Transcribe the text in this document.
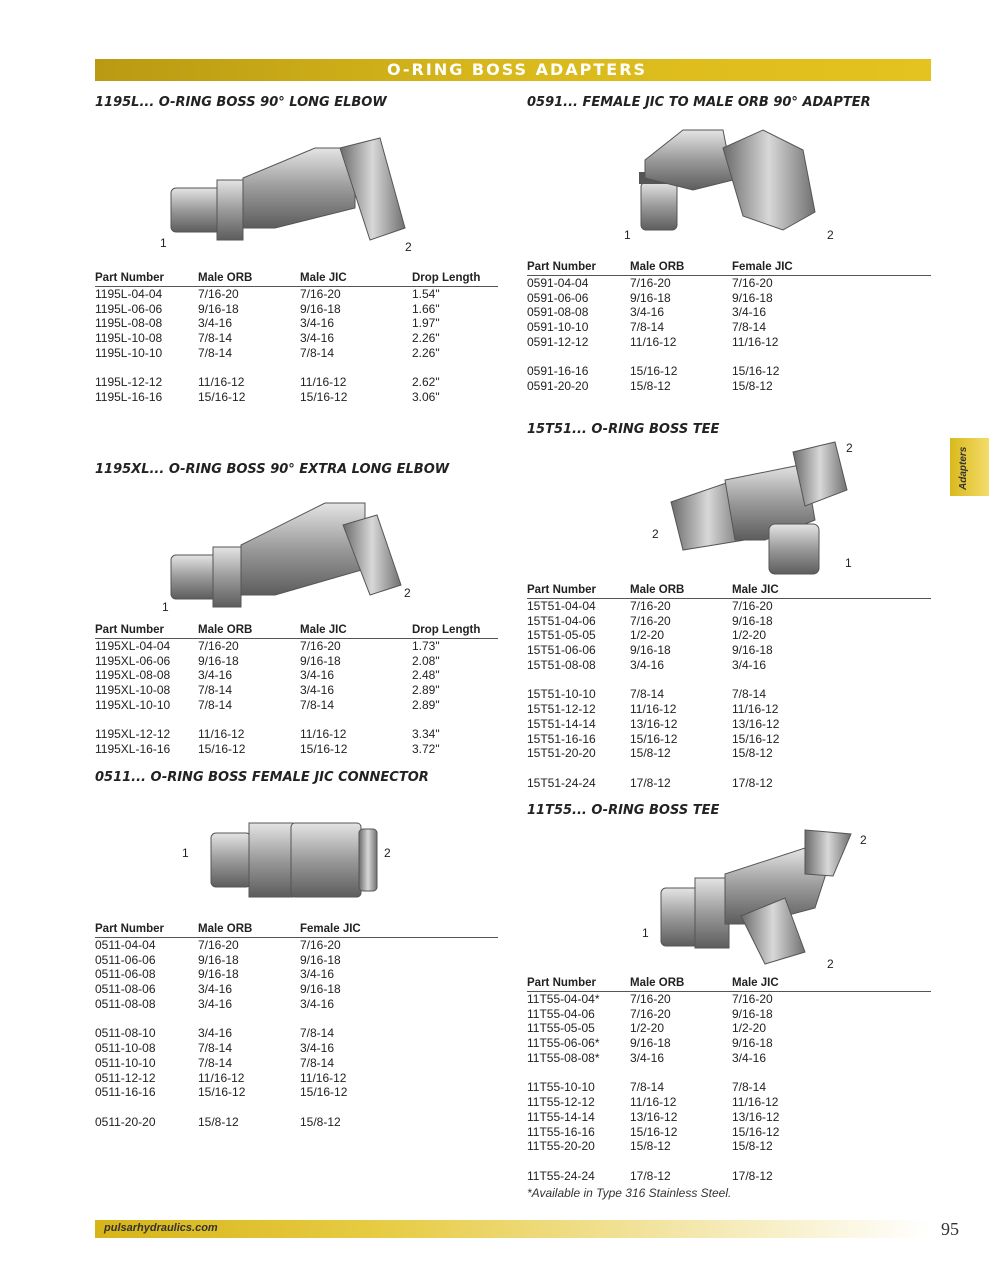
O-RING BOSS ADAPTERS
Adapters
1195L... O-RING BOSS 90° LONG ELBOW
1195XL... O-RING BOSS 90° EXTRA LONG ELBOW
0511... O-RING BOSS FEMALE JIC CONNECTOR
0591... FEMALE JIC TO MALE ORB 90° ADAPTER
15T51... O-RING BOSS TEE
11T55... O-RING BOSS TEE
1	2
1
2
1	2
1	2
2
2
1
2
1
2
Part Number	Male ORB	Male JIC	Drop Length
1195L-04-04	7/16-20	7/16-20	1.54"
1195L-06-06	9/16-18	9/16-18	1.66"
1195L-08-08	3/4-16	3/4-16	1.97"
1195L-10-08	7/8-14	3/4-16	2.26"
1195L-10-10	7/8-14	7/8-14	2.26"
1195L-12-12	11/16-12	11/16-12	2.62"
1195L-16-16	15/16-12	15/16-12	3.06"
Part Number	Male ORB	Male JIC	Drop Length
1195XL-04-04 7/16-20	7/16-20	1.73"
1195XL-06-06 9/16-18	9/16-18	2.08"
1195XL-08-08 3/4-16	3/4-16	2.48"
1195XL-10-08 7/8-14	3/4-16	2.89"
1195XL-10-10 7/8-14	7/8-14	2.89"
1195XL-12-12 11/16-12	11/16-12	3.34"
1195XL-16-16 15/16-12	15/16-12	3.72"
Part Number	Male ORB	Female JIC
0511-04-04	7/16-20	7/16-20
0511-06-06	9/16-18	9/16-18
0511-06-08	9/16-18	3/4-16
0511-08-06	3/4-16	9/16-18
0511-08-08	3/4-16	3/4-16
0511-08-10	3/4-16	7/8-14
0511-10-08	7/8-14	3/4-16
0511-10-10	7/8-14	7/8-14
0511-12-12	11/16-12	11/16-12
0511-16-16	15/16-12	15/16-12
0511-20-20	15/8-12	15/8-12
Part Number	Male ORB	Female JIC
0591-04-04	7/16-20	7/16-20
0591-06-06	9/16-18	9/16-18
0591-08-08	3/4-16	3/4-16
0591-10-10	7/8-14	7/8-14
0591-12-12	11/16-12	11/16-12
0591-16-16	15/16-12	15/16-12
0591-20-20	15/8-12	15/8-12
Part Number	Male ORB	Male JIC
15T51-04-04	7/16-20	7/16-20
15T51-04-06	7/16-20	9/16-18
15T51-05-05	1/2-20	1/2-20
15T51-06-06	9/16-18	9/16-18
15T51-08-08	3/4-16	3/4-16
15T51-10-10	7/8-14	7/8-14
15T51-12-12	11/16-12	11/16-12
15T51-14-14	13/16-12	13/16-12
15T51-16-16	15/16-12	15/16-12
15T51-20-20	15/8-12	15/8-12
15T51-24-24	17/8-12	17/8-12
Part Number	Male ORB	Male JIC
11T55-04-04*	7/16-20	7/16-20
11T55-04-06	7/16-20	9/16-18
11T55-05-05	1/2-20	1/2-20
11T55-06-06*	9/16-18	9/16-18
11T55-08-08*	3/4-16	3/4-16
11T55-10-10	7/8-14	7/8-14
11T55-12-12	11/16-12	11/16-12
11T55-14-14	13/16-12	13/16-12
11T55-16-16	15/16-12	15/16-12
11T55-20-20	15/8-12	15/8-12
11T55-24-24	17/8-12	17/8-12
*Available in Type 316 Stainless Steel.
pulsarhydraulics.com	95
